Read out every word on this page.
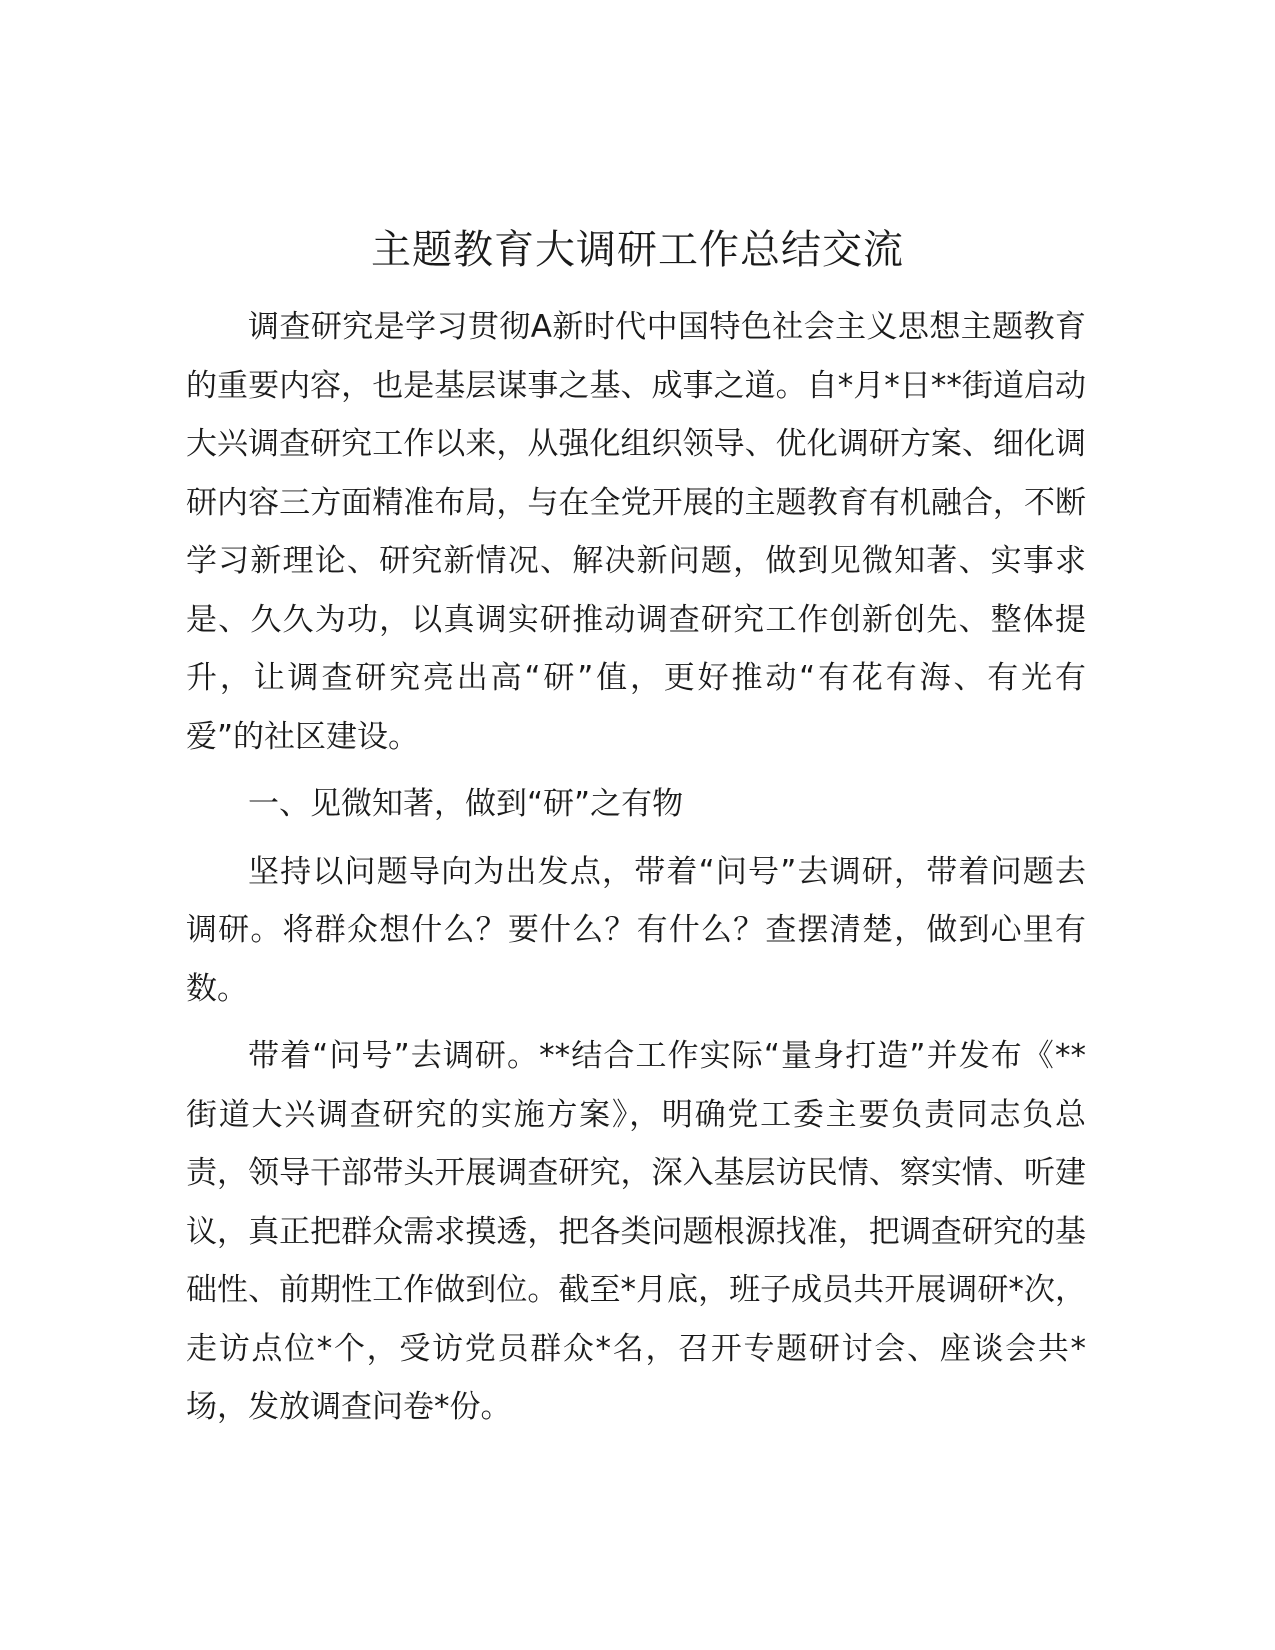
主题教育大调研工作总结交流

调查研究是学习贯彻A新时代中国特色社会主义思想主题教育的重要内容，也是基层谋事之基、成事之道。自*月*日**街道启动大兴调查研究工作以来，从强化组织领导、优化调研方案、细化调研内容三方面精准布局，与在全党开展的主题教育有机融合，不断学习新理论、研究新情况、解决新问题，做到见微知著、实事求是、久久为功，以真调实研推动调查研究工作创新创先、整体提升，让调查研究亮出高“研”值，更好推动“有花有海、有光有爱”的社区建设。

一、见微知著，做到“研”之有物

坚持以问题导向为出发点，带着“问号”去调研，带着问题去调研。将群众想什么？要什么？有什么？查摆清楚，做到心里有数。

带着“问号”去调研。**结合工作实际“量身打造”并发布《**街道大兴调查研究的实施方案》，明确党工委主要负责同志负总责，领导干部带头开展调查研究，深入基层访民情、察实情、听建议，真正把群众需求摸透，把各类问题根源找准，把调查研究的基础性、前期性工作做到位。截至*月底，班子成员共开展调研*次，走访点位*个，受访党员群众*名，召开专题研讨会、座谈会共*场，发放调查问卷*份。
